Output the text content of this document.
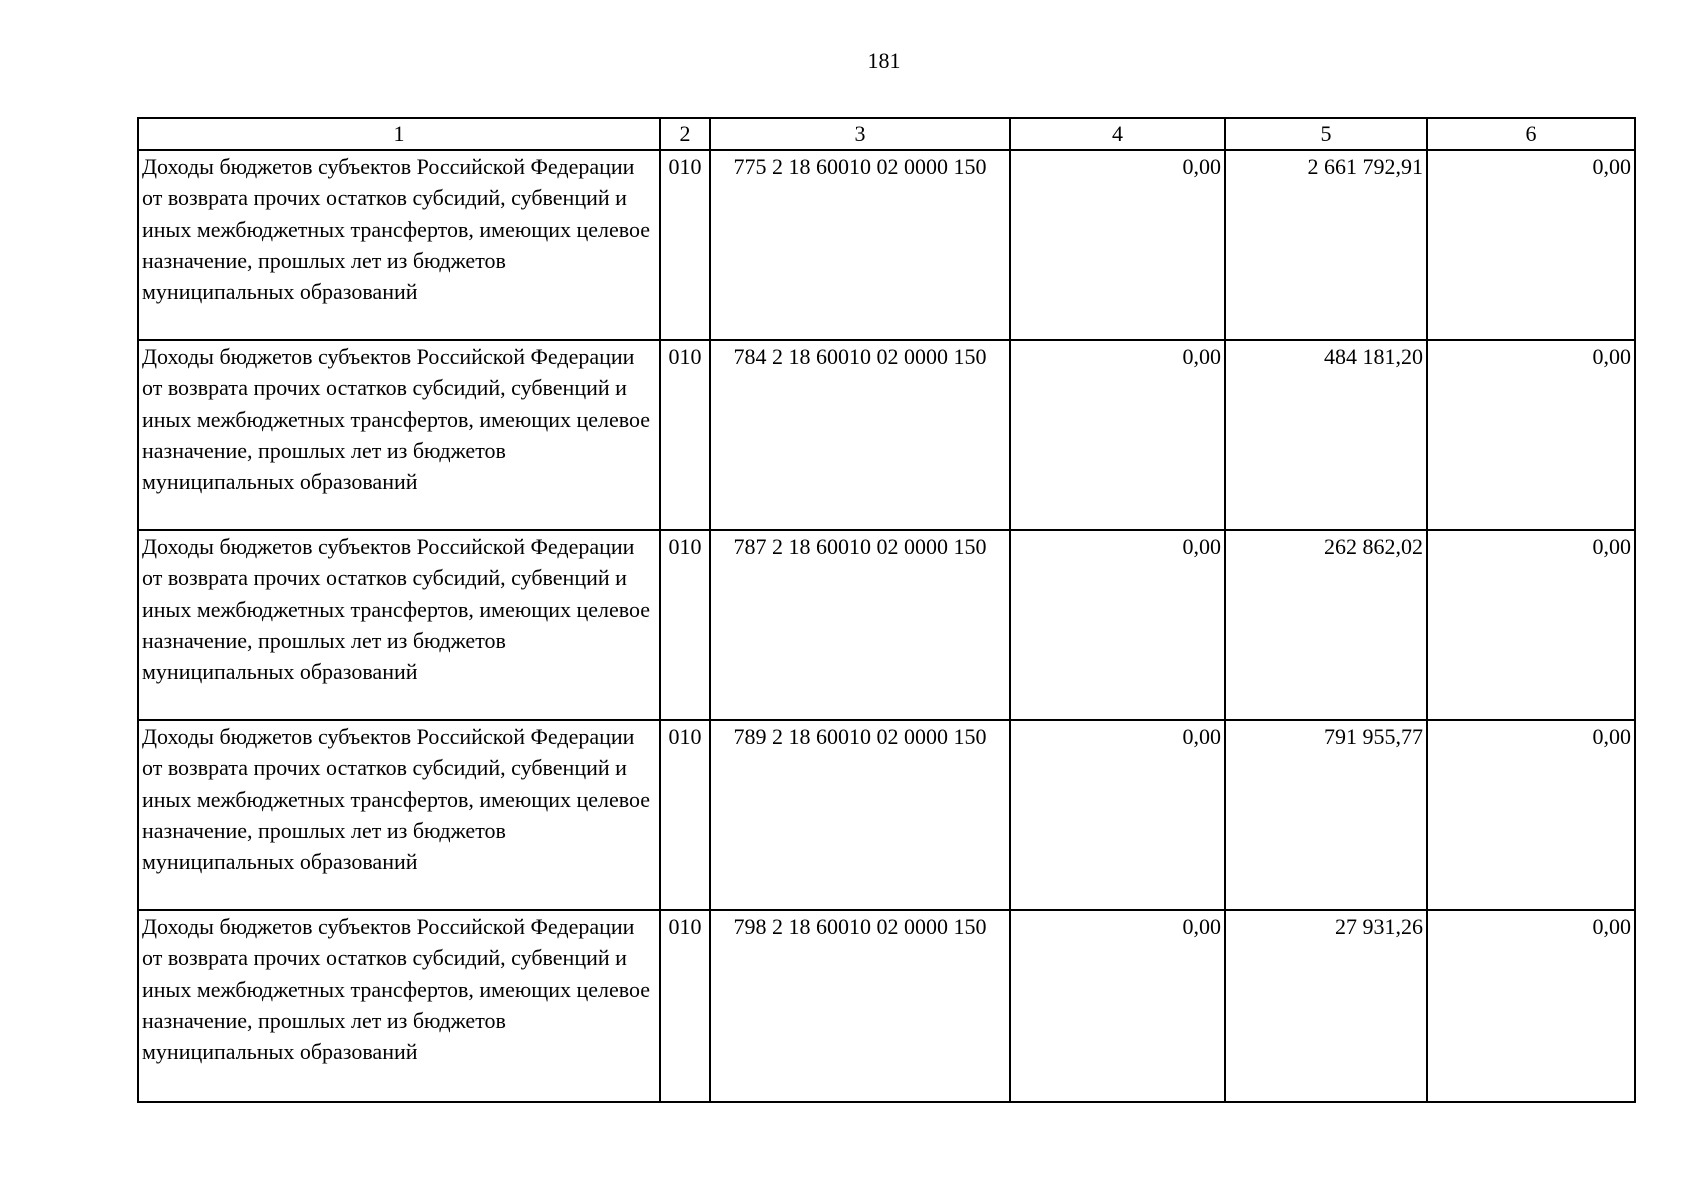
181
1	2	3	4	5	6
Доходы бюджетов субъектов Российской Федерации от возврата прочих остатков субсидий, субвенций и иных межбюджетных трансфертов, имеющих целевое назначение, прошлых лет из бюджетов муниципальных образований	010	775 2 18 60010 02 0000 150	0,00	2 661 792,91	0,00
Доходы бюджетов субъектов Российской Федерации от возврата прочих остатков субсидий, субвенций и иных межбюджетных трансфертов, имеющих целевое назначение, прошлых лет из бюджетов муниципальных образований	010	784 2 18 60010 02 0000 150	0,00	484 181,20	0,00
Доходы бюджетов субъектов Российской Федерации от возврата прочих остатков субсидий, субвенций и иных межбюджетных трансфертов, имеющих целевое назначение, прошлых лет из бюджетов муниципальных образований	010	787 2 18 60010 02 0000 150	0,00	262 862,02	0,00
Доходы бюджетов субъектов Российской Федерации от возврата прочих остатков субсидий, субвенций и иных межбюджетных трансфертов, имеющих целевое назначение, прошлых лет из бюджетов муниципальных образований	010	789 2 18 60010 02 0000 150	0,00	791 955,77	0,00
Доходы бюджетов субъектов Российской Федерации от возврата прочих остатков субсидий, субвенций и иных межбюджетных трансфертов, имеющих целевое назначение, прошлых лет из бюджетов муниципальных образований	010	798 2 18 60010 02 0000 150	0,00	27 931,26	0,00
